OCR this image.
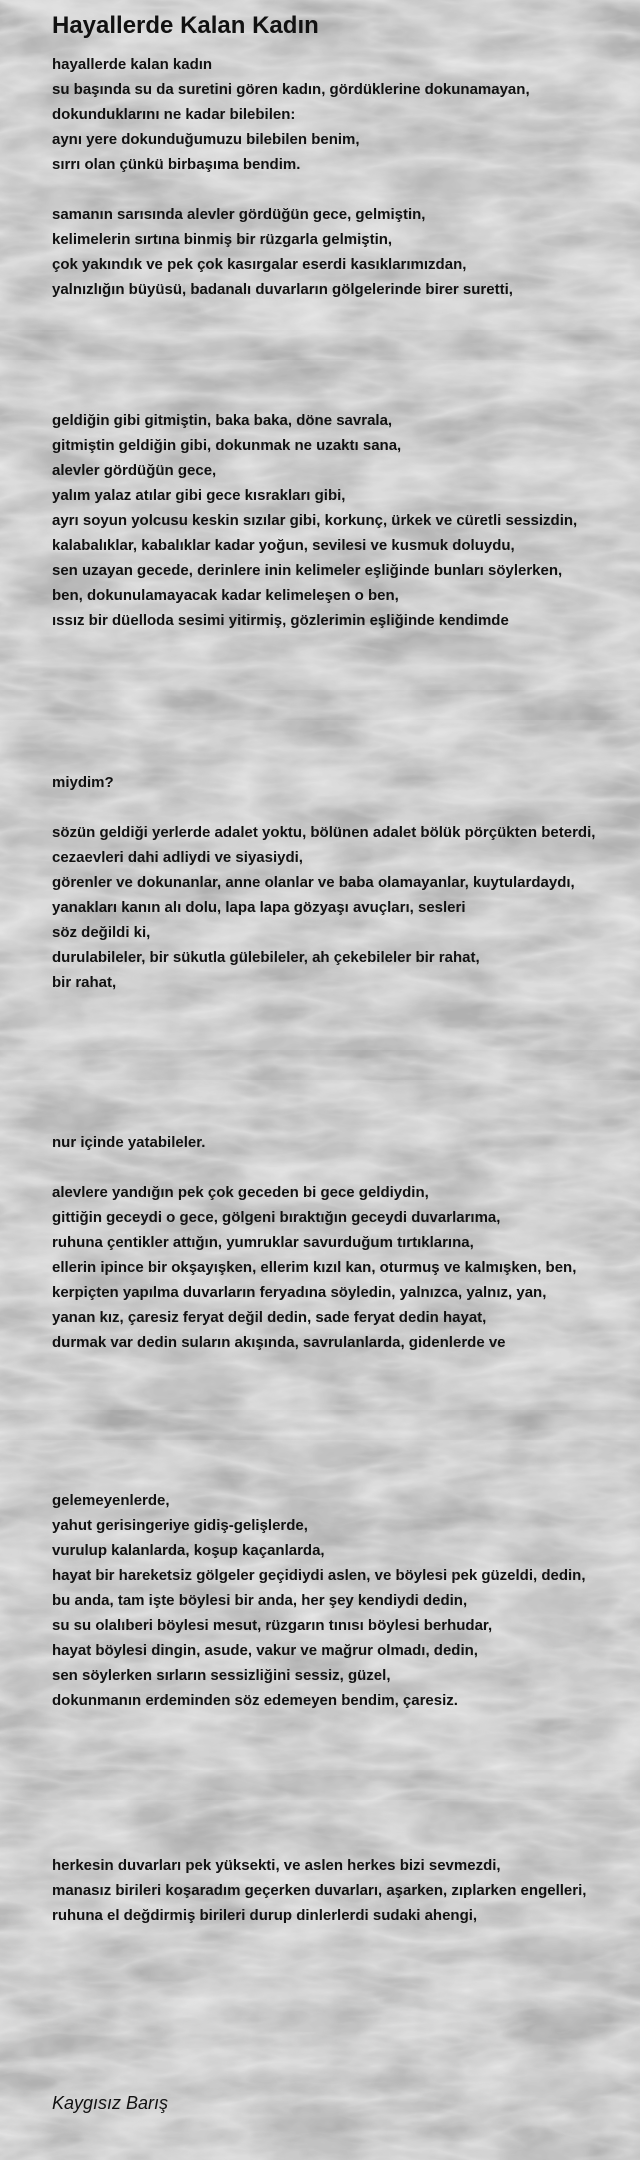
Hayallerde Kalan Kadın
hayallerde kalan kadın
su başında su da suretini gören kadın, gördüklerine dokunamayan, dokunduklarını ne kadar bilebilen:
aynı yere dokunduğumuzu bilebilen benim,
sırrı olan çünkü birbaşıma bendim.
samanın sarısında alevler gördüğün gece, gelmiştin,
kelimelerin sırtına binmiş bir rüzgarla gelmiştin,
çok yakındık ve pek çok kasırgalar eserdi kasıklarımızdan,
yalnızlığın büyüsü, badanalı duvarların gölgelerinde birer suretti,
geldiğin gibi gitmiştin, baka baka, döne savrala,
gitmiştin geldiğin gibi, dokunmak ne uzaktı sana,
alevler gördüğün gece,
yalım yalaz atılar gibi gece kısrakları gibi,
ayrı soyun yolcusu keskin sızılar gibi, korkunç, ürkek ve cüretli sessizdin,
kalabalıklar, kabalıklar kadar yoğun, sevilesi ve kusmuk doluydu,
sen uzayan gecede, derinlere inin kelimeler eşliğinde bunları söylerken,
ben, dokunulamayacak kadar kelimeleşen o ben,
ıssız bir düelloda sesimi yitirmiş, gözlerimin eşliğinde kendimde
miydim?
sözün geldiği yerlerde adalet yoktu, bölünen adalet bölük pörçükten beterdi,
cezaevleri dahi adliydi ve siyasiydi,
görenler ve dokunanlar, anne olanlar ve baba olamayanlar, kuytulardaydı,
yanakları kanın alı dolu, lapa lapa gözyaşı avuçları, sesleri
söz değildi ki,
durulabileler, bir sükutla gülebileler, ah çekebileler bir rahat,
bir rahat,
nur içinde yatabileler.
alevlere yandığın pek çok geceden bi gece geldiydin,
gittiğin geceydi o gece, gölgeni bıraktığın geceydi duvarlarıma,
ruhuna çentikler attığın, yumruklar savurduğum tırtıklarına,
ellerin ipince bir okşayışken, ellerim kızıl kan, oturmuş ve kalmışken, ben,
kerpiçten yapılma duvarların feryadına söyledin, yalnızca, yalnız, yan,
yanan kız, çaresiz feryat değil dedin, sade feryat dedin hayat,
durmak var dedin suların akışında, savrulanlarda, gidenlerde ve
gelemeyenlerde,
yahut gerisingeriye gidiş-gelişlerde,
vurulup kalanlarda, koşup kaçanlarda,
hayat bir hareketsiz gölgeler geçidiydi aslen, ve böylesi pek güzeldi, dedin,
bu anda, tam işte böylesi bir anda, her şey kendiydi dedin,
su su olalıberi böylesi mesut, rüzgarın tınısı böylesi berhudar,
hayat böylesi dingin, asude, vakur ve mağrur olmadı, dedin,
sen söylerken sırların sessizliğini sessiz, güzel,
dokunmanın erdeminden söz edemeyen bendim, çaresiz.
herkesin duvarları pek yüksekti, ve aslen herkes bizi sevmezdi,
manasız birileri koşaradım geçerken duvarları, aşarken, zıplarken engelleri,
ruhuna el değdirmiş birileri durup dinlerlerdi sudaki ahengi,

Kaygısız Barış
